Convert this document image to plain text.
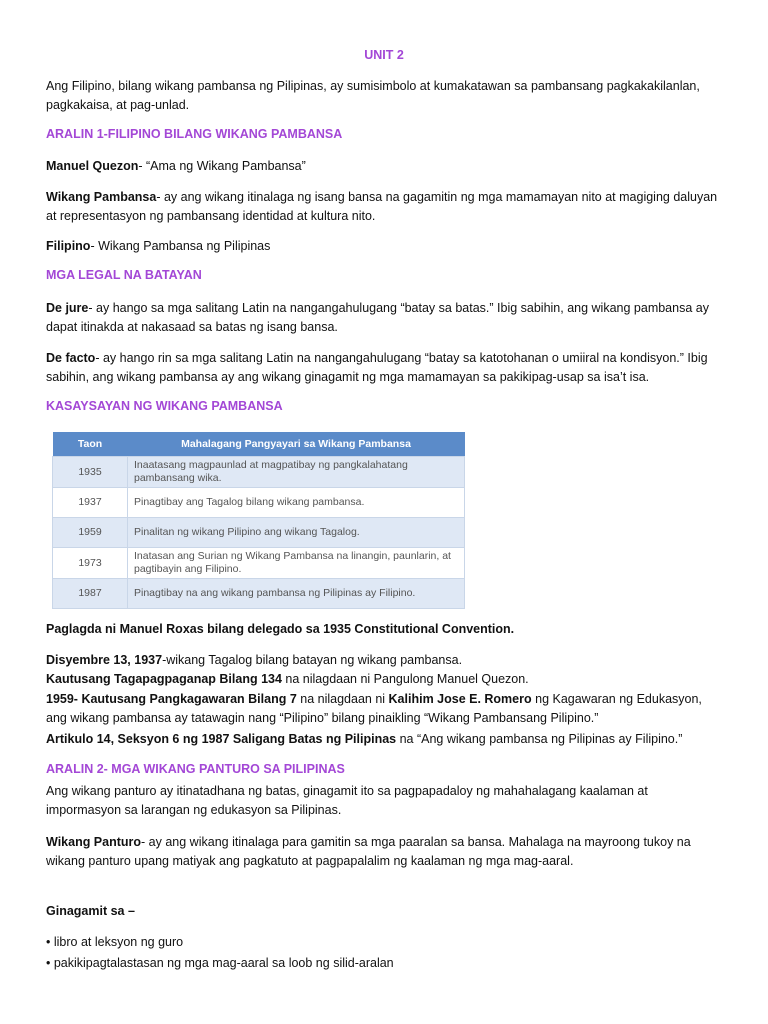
UNIT 2

Ang Filipino, bilang wikang pambansa ng Pilipinas, ay sumisimbolo at kumakatawan sa pambansang pagkakakilanlan, pagkakaisa, at pag-unlad.

ARALIN 1-FILIPINO BILANG WIKANG PAMBANSA

Manuel Quezon- “Ama ng Wikang Pambansa”

Wikang Pambansa- ay ang wikang itinalaga ng isang bansa na gagamitin ng mga mamamayan nito at magiging daluyan at representasyon ng pambansang identidad at kultura nito.

Filipino- Wikang Pambansa ng Pilipinas

MGA LEGAL NA BATAYAN

De jure- ay hango sa mga salitang Latin na nangangahulugang “batay sa batas.” Ibig sabihin, ang wikang pambansa ay dapat itinakda at nakasaad sa batas ng isang bansa.

De facto- ay hango rin sa mga salitang Latin na nangangahulugang “batay sa katotohanan o umiiral na kondisyon.” Ibig sabihin, ang wikang pambansa ay ang wikang ginagamit ng mga mamamayan sa pakikipag-usap sa isa’t isa.

KASAYSAYAN NG WIKANG PAMBANSA
Taon	Mahalagang Pangyayari sa Wikang Pambansa
1935	Inaatasang magpaunlad at magpatibay ng pangkalahatang pambansang wika.
1937	Pinagtibay ang Tagalog bilang wikang pambansa.
1959	Pinalitan ng wikang Pilipino ang wikang Tagalog.
1973	Inatasan ang Surian ng Wikang Pambansa na linangin, paunlarin, at pagtibayin ang Filipino.
1987	Pinagtibay na ang wikang pambansa ng Pilipinas ay Filipino.

Paglagda ni Manuel Roxas bilang delegado sa 1935 Constitutional Convention.

Disyembre 13, 1937-wikang Tagalog bilang batayan ng wikang pambansa.

Kautusang Tagapagpaganap Bilang 134 na nilagdaan ni Pangulong Manuel Quezon.

1959- Kautusang Pangkagawaran Bilang 7 na nilagdaan ni Kalihim Jose E. Romero ng Kagawaran ng Edukasyon, ang wikang pambansa ay tatawagin nang “Pilipino” bilang pinaikling “Wikang Pambansang Pilipino.”

Artikulo 14, Seksyon 6 ng 1987 Saligang Batas ng Pilipinas na “Ang wikang pambansa ng Pilipinas ay Filipino.”

ARALIN 2- MGA WIKANG PANTURO SA PILIPINAS

Ang wikang panturo ay itinatadhana ng batas, ginagamit ito sa pagpapadaloy ng mahahalagang kaalaman at impormasyon sa larangan ng edukasyon sa Pilipinas.

Wikang Panturo- ay ang wikang itinalaga para gamitin sa mga paaralan sa bansa. Mahalaga na mayroong tukoy na wikang panturo upang matiyak ang pagkatuto at pagpapalalim ng kaalaman ng mga mag-aaral.

Ginagamit sa –

• libro at leksyon ng guro

• pakikipagtalastasan ng mga mag-aaral sa loob ng silid-aralan
